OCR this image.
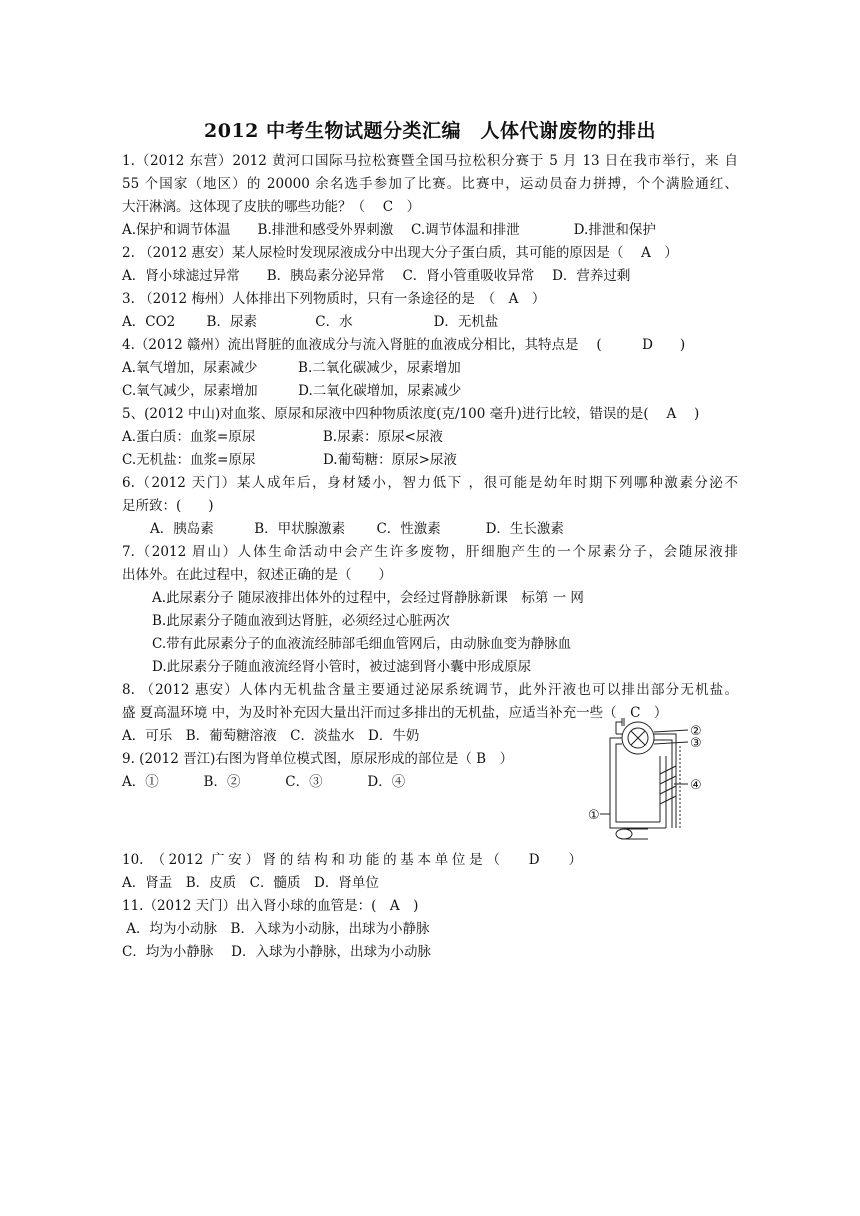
2012 中考生物试题分类汇编　人体代谢废物的排出
1.（2012 东营）2012 黄河口国际马拉松赛暨全国马拉松积分赛于 5 月 13 日在我市举行，来 自
55 个国家（地区）的 20000 余名选手参加了比赛。比赛中，运动员奋力拼搏，个个满脸通红、
大汗淋漓。这体现了皮肤的哪些功能？（　 C　）
A.保护和调节体温　　B.排泄和感受外界刺激　 C.调节体温和排泄　　　　D.排泄和保护
2. （2012 惠安）某人尿检时发现尿液成分中出现大分子蛋白质，其可能的原因是（　 A　）
A．肾小球滤过异常　　B．胰岛素分泌异常　 C．肾小管重吸收异常　 D．营养过剩
3. （2012 梅州）人体排出下列物质时，只有一条途径的是　（　A　）
A．CO2　　 B．尿素　　　　 C．水　　　　　　D．无机盐
4.（2012 赣州）流出肾脏的血液成分与流入肾脏的血液成分相比，其特点是　 (　　　D　　)
A.氧气增加，尿素减少　　　B.二氧化碳减少，尿素增加
C.氧气减少，尿素增加　　　D.二氧化碳增加，尿素减少
5、(2012 中山)对血浆、原尿和尿液中四种物质浓度(克/100 毫升)进行比较，错误的是(　 A　 )
A.蛋白质：血浆=原尿　　　　　B.尿素：原尿<尿液
C.无机盐：血浆=原尿　　　　　D.葡萄糖：原尿>尿液
6.（2012 天门）某人成年后，身材矮小，智力低下 ，很可能是幼年时期下列哪种激素分泌不
足所致：(　　)
A．胰岛素　　　B．甲状腺激素　　 C．性激素　　　 D．生长激素
7.（2012 眉山）人体生命活动中会产生许多废物，肝细胞产生的一个尿素分子，会随尿液排
出体外。在此过程中，叙述正确的是（　　）
A.此尿素分子 随尿液排出体外的过程中，会经过肾静脉新课　标第 一 网
B.此尿素分子随血液到达肾脏，必须经过心脏两次
C.带有此尿素分子的血液流经肺部毛细血管网后，由动脉血变为静脉血
D.此尿素分子随血液流经肾小管时，被过滤到肾小囊中形成原尿
8. （2012 惠安）人体内无机盐含量主要通过泌尿系统调节，此外汗液也可以排出部分无机盐。
盛 夏高温环境 中，为及时补充因大量出汗而过多排出的无机盐，应适当补充一些（　C　）
A．可乐　B．葡萄糖溶液　C．淡盐水　D．牛奶
9. (2012 晋江)右图为肾单位模式图，原尿形成的部位是（ B　）
A．①　　　 B．②　　　 C．③　　　 D．④
②
③
④
①
10. （2012 广安）肾的结构和功能的基本单位是（　 D　 ）
A．肾盂　B．皮质　C．髓质　D．肾单位
11.（2012 天门）出入肾小球的血管是：(　A　)
A．均为小动脉　B．入球为小动脉，出球为小静脉
C．均为小静脉　 D．入球为小静脉，出球为小动脉
